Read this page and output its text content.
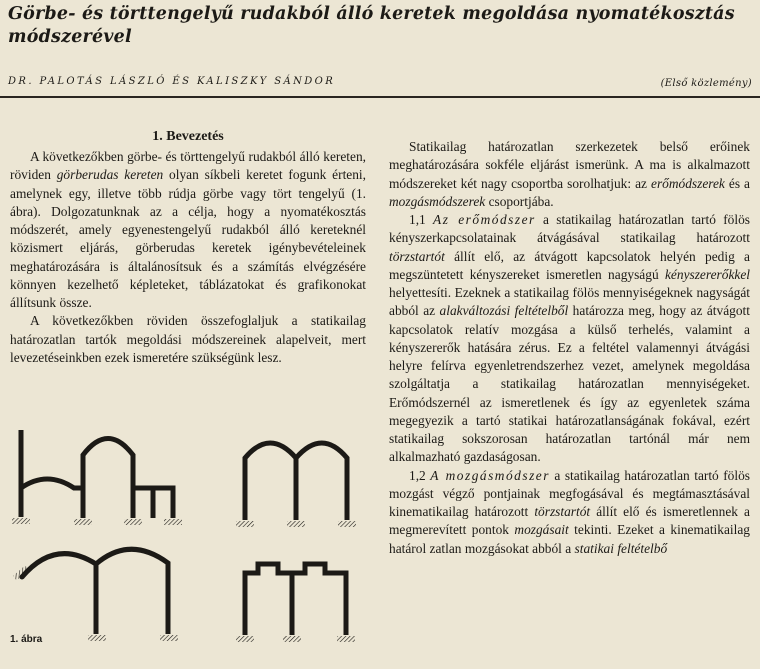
Görbe- és törttengelyű rudakból álló keretek megoldása nyomatékosztás módszerével
DR. PALOTÁS LÁSZLÓ ÉS KALISZKY SÁNDOR	(Első közlemény)

1. Bevezetés

A következőkben görbe- és törttengelyű rudakból álló kereten, röviden görberudas kereten olyan síkbeli keretet fogunk érteni, amelynek egy, illetve több rúdja görbe vagy tört tengelyű (1. ábra). Dolgozatunknak az a célja, hogy a nyomatékosztás módszerét, amely egyenestengelyű rudakból álló kereteknél közismert eljárás, görberudas keretek igénybevételeinek meghatározására is általánosítsuk és a számítás elvégzésére könnyen kezelhető képleteket, táblázatokat és grafikonokat állítsunk össze.

A következőkben röviden összefoglaljuk a statikailag határozatlan tartók megoldási módszereinek alapelveit, mert levezetéseinkben ezek ismeretére szükségünk lesz.

Statikailag határozatlan szerkezetek belső erőinek meghatározására sokféle eljárást ismerünk. A ma is alkalmazott módszereket két nagy csoportba sorolhatjuk: az erőmódszerek és a mozgásmódszerek csoportjába.

1,1 Az erőmódszer a statikailag határozatlan tartó fölös kényszerkapcsolatainak átvágásával statikailag határozott törzstartót állít elő, az átvágott kapcsolatok helyén pedig a megszüntetett kényszereket ismeretlen nagyságú kényszererőkkel helyettesíti. Ezeknek a statikailag fölös mennyiségeknek nagyságát abból az alakváltozási feltételből határozza meg, hogy az átvágott kapcsolatok relatív mozgása a külső terhelés, valamint a kényszererők hatására zérus. Ez a feltétel valamennyi átvágási helyre felírva egyenletrendszerhez vezet, amelynek megoldása szolgáltatja a statikailag határozatlan mennyiségeket. Erőmódszernél az ismeretlenek és így az egyenletek száma megegyezik a tartó statikai határozatlanságának fokával, ezért statikailag sokszorosan határozatlan tartónál már nem alkalmazható gazdaságosan.

1,2 A mozgásmódszer a statikailag határozatlan tartó fölös mozgást végző pontjainak megfogásával és megtámasztásával kinematikailag határozott törzstartót állít elő és ismeretlennek a megmerevített pontok mozgásait tekinti. Ezeket a kinematikailag határol zatlan mozgásokat abból a statikai feltételbő

1. ábra
